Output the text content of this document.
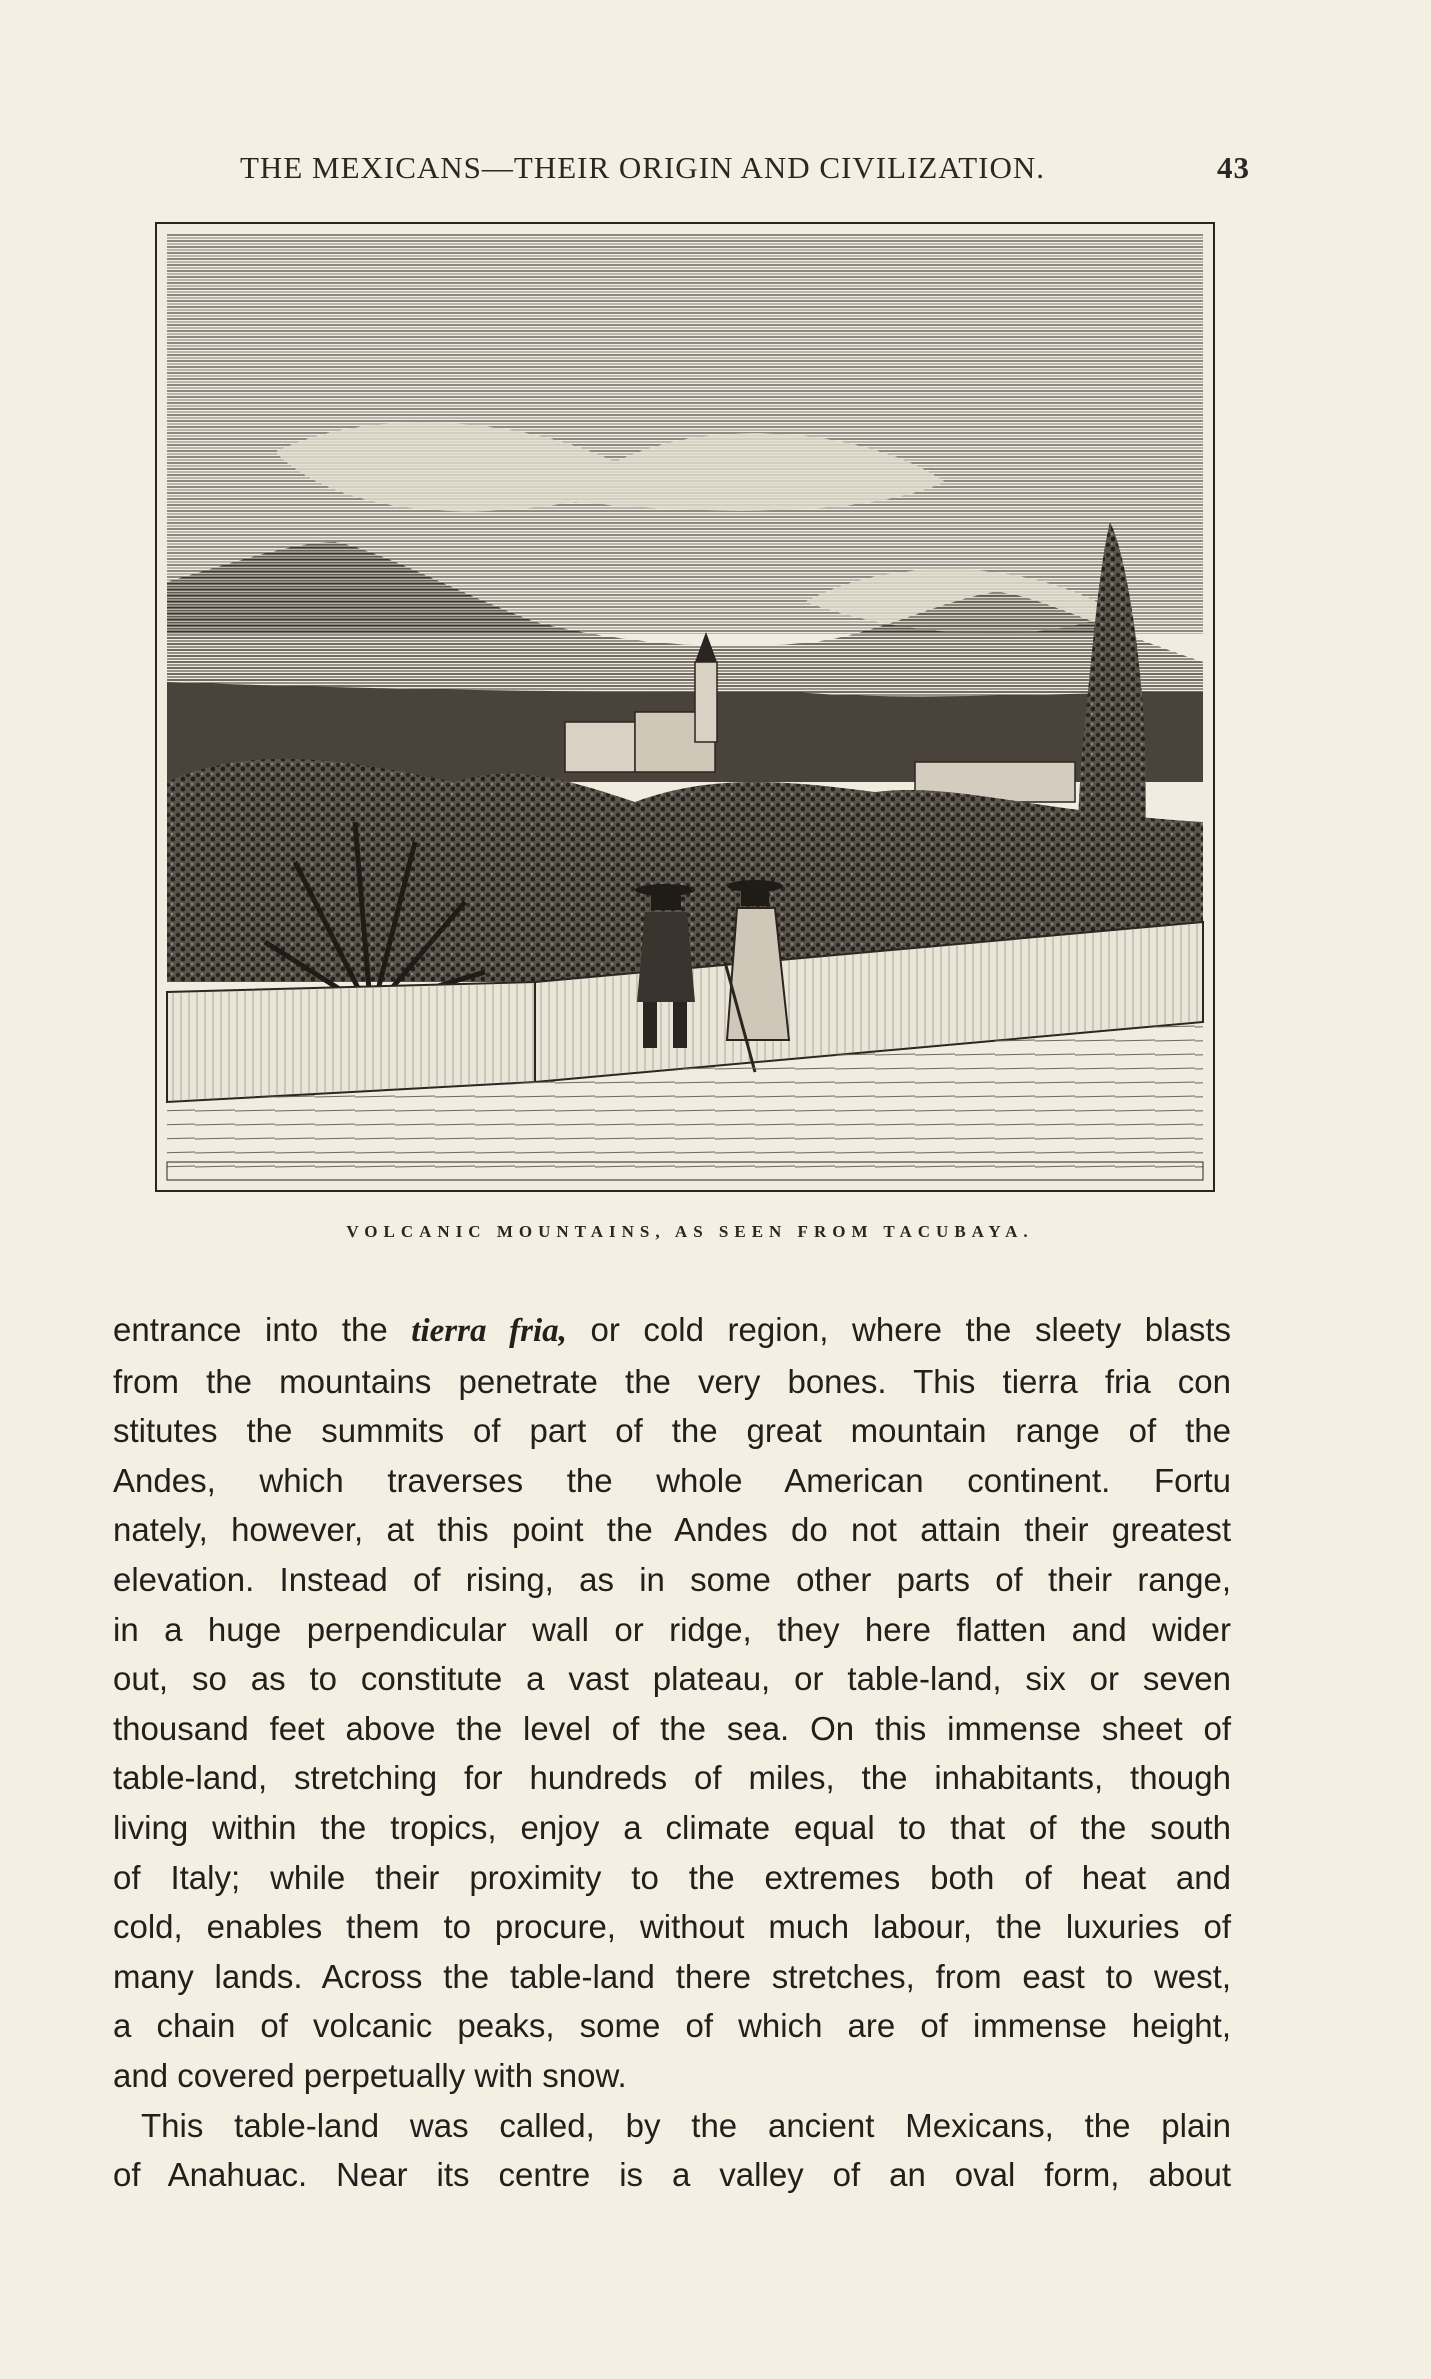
THE MEXICANS—THEIR ORIGIN AND CIVILIZATION.	43
VOLCANIC MOUNTAINS, AS SEEN FROM TACUBAYA.
entrance into the tierra fria, or cold region, where the sleety blasts
from the mountains penetrate the very bones. This tierra fria con
stitutes the summits of part of the great mountain range of the
Andes, which traverses the whole American continent. Fortu
nately, however, at this point the Andes do not attain their greatest
elevation. Instead of rising, as in some other parts of their range,
in a huge perpendicular wall or ridge, they here flatten and wider
out, so as to constitute a vast plateau, or table-land, six or seven
thousand feet above the level of the sea. On this immense sheet of
table-land, stretching for hundreds of miles, the inhabitants, though
living within the tropics, enjoy a climate equal to that of the south
of Italy; while their proximity to the extremes both of heat and
cold, enables them to procure, without much labour, the luxuries of
many lands. Across the table-land there stretches, from east to west,
a chain of volcanic peaks, some of which are of immense height,
and covered perpetually with snow.
This table-land was called, by the ancient Mexicans, the plain
of Anahuac. Near its centre is a valley of an oval form, about
